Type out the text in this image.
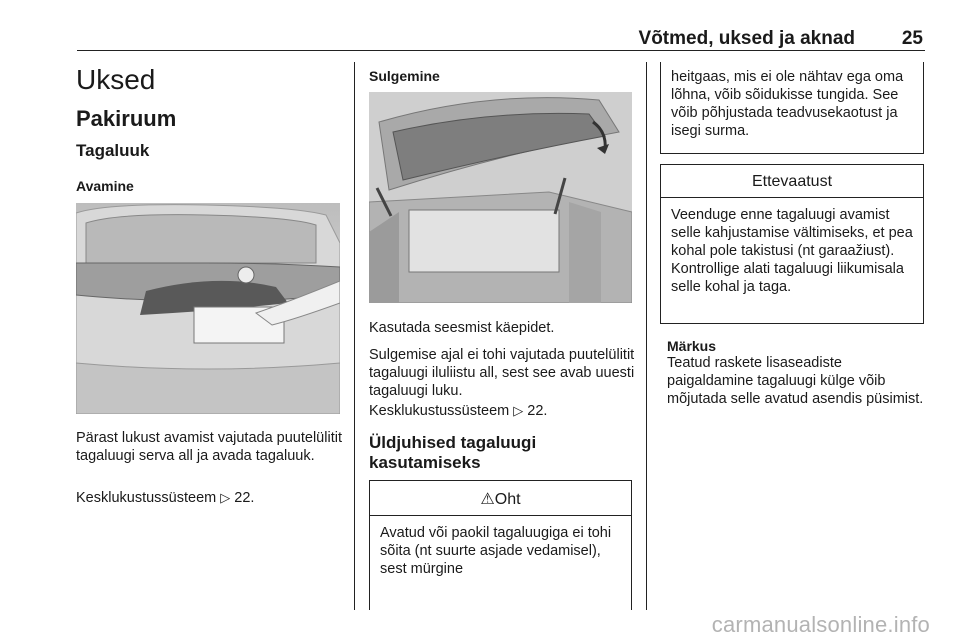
Võtmed, uksed ja aknad 25
Uksed
Pakiruum
Tagaluuk
Avamine
Pärast lukust avamist vajutada puutelülitit tagaluugi serva all ja avada tagaluuk.
Kesklukustussüsteem ▷ 22.
Sulgemine
Kasutada seesmist käepidet.
Sulgemise ajal ei tohi vajutada puutelülitit tagaluugi iluliistu all, sest see avab uuesti tagaluugi luku.
Kesklukustussüsteem ▷ 22.
Üldjuhised tagaluugi kasutamiseks
⚠Oht
Avatud või paokil tagaluugiga ei tohi sõita (nt suurte asjade vedamisel), sest mürgine
heitgaas, mis ei ole nähtav ega oma lõhna, võib sõidukisse tungida. See võib põhjustada teadvusekaotust ja isegi surma.
Ettevaatust
Veenduge enne tagaluugi avamist selle kahjustamise vältimiseks, et pea kohal pole takistusi (nt garaažiust). Kontrollige alati tagaluugi liikumisala selle kohal ja taga.
Märkus
Teatud raskete lisaseadiste paigaldamine tagaluugi külge võib mõjutada selle avatud asendis püsimist.
carmanualsonline.info
